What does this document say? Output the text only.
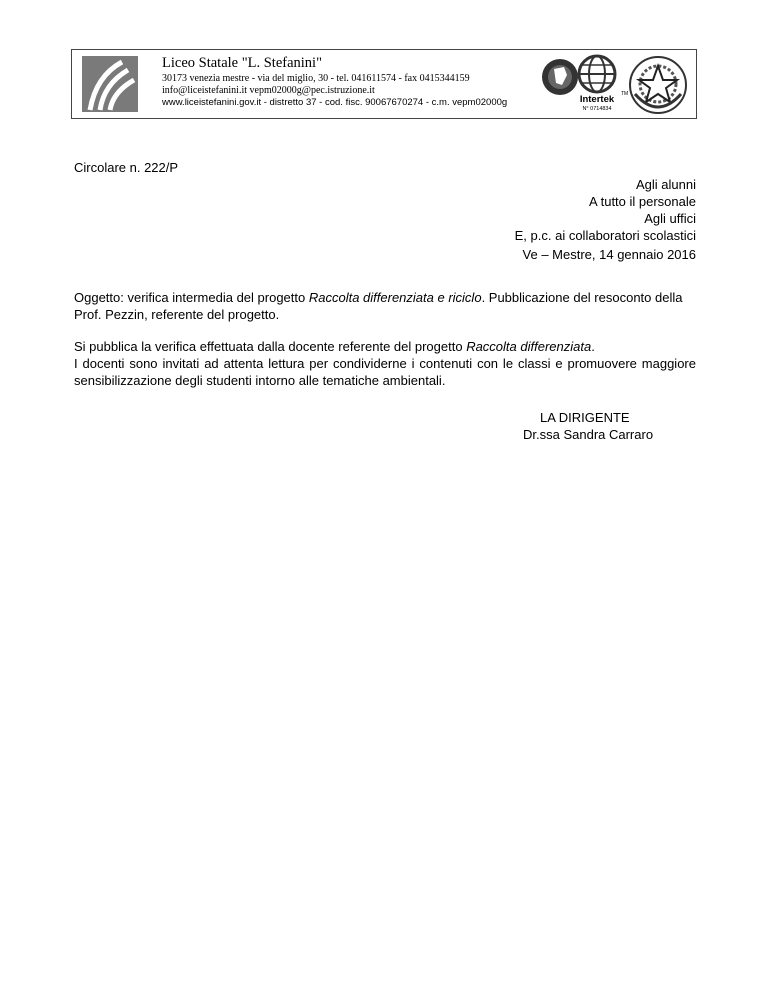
Liceo Statale "L. Stefanini"
30173 venezia mestre - via del miglio, 30 - tel. 041611574 - fax 0415344159
info@liceistefanini.it vepm02000g@pec.istruzione.it
www.liceistefanini.gov.it - distretto 37 - cod. fisc. 90067670274 - c.m. vepm02000g	Intertek
N° 0714834
TM
Circolare n. 222/P
Agli alunni
A tutto il personale
Agli uffici
E, p.c. ai collaboratori scolastici
Ve – Mestre, 14 gennaio 2016
Oggetto: verifica intermedia del progetto Raccolta differenziata e riciclo. Pubblicazione del resoconto della Prof. Pezzin, referente del progetto.
Si pubblica la verifica effettuata dalla docente referente del progetto Raccolta differenziata.
I docenti sono invitati ad attenta lettura per condividerne i contenuti con le classi e promuovere maggiore sensibilizzazione degli studenti intorno alle tematiche ambientali.
LA DIRIGENTE
Dr.ssa Sandra Carraro
